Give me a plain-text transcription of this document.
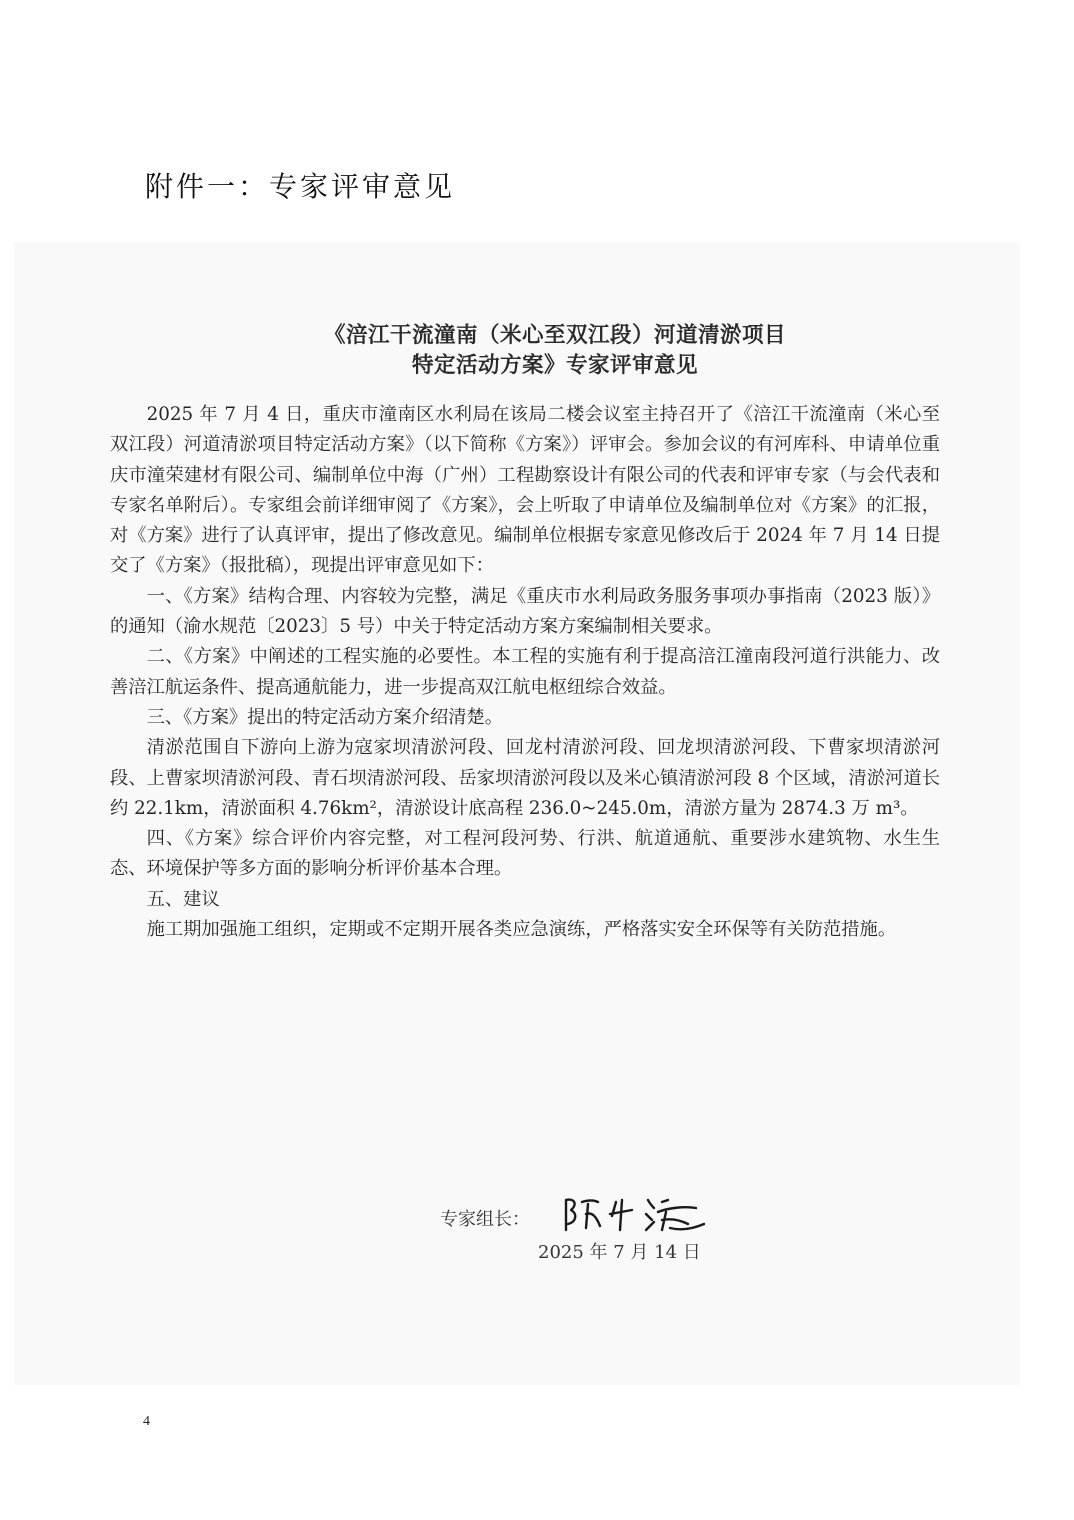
附件一：专家评审意见
《涪江干流潼南（米心至双江段）河道清淤项目
特定活动方案》专家评审意见

2025 年 7 月 4 日，重庆市潼南区水利局在该局二楼会议室主持召开了《涪江干流潼南（米心至双江段）河道清淤项目特定活动方案》（以下简称《方案》）评审会。参加会议的有河库科、申请单位重庆市潼荣建材有限公司、编制单位中海（广州）工程勘察设计有限公司的代表和评审专家（与会代表和专家名单附后）。专家组会前详细审阅了《方案》，会上听取了申请单位及编制单位对《方案》的汇报，对《方案》进行了认真评审，提出了修改意见。编制单位根据专家意见修改后于 2024 年 7 月 14 日提交了《方案》（报批稿），现提出评审意见如下：

一、《方案》结构合理、内容较为完整，满足《重庆市水利局政务服务事项办事指南（2023 版）》的通知（渝水规范〔2023〕5 号）中关于特定活动方案方案编制相关要求。

二、《方案》中阐述的工程实施的必要性。本工程的实施有利于提高涪江潼南段河道行洪能力、改善涪江航运条件、提高通航能力，进一步提高双江航电枢纽综合效益。

三、《方案》提出的特定活动方案介绍清楚。

清淤范围自下游向上游为寇家坝清淤河段、回龙村清淤河段、回龙坝清淤河段、下曹家坝清淤河段、上曹家坝清淤河段、青石坝清淤河段、岳家坝清淤河段以及米心镇清淤河段 8 个区域，清淤河道长约 22.1km，清淤面积 4.76km²，清淤设计底高程 236.0~245.0m，清淤方量为 2874.3 万 m³。

四、《方案》综合评价内容完整，对工程河段河势、行洪、航道通航、重要涉水建筑物、水生生态、环境保护等多方面的影响分析评价基本合理。

五、建议

施工期加强施工组织，定期或不定期开展各类应急演练，严格落实安全环保等有关防范措施。

专家组长：
2025 年 7 月 14 日
4
